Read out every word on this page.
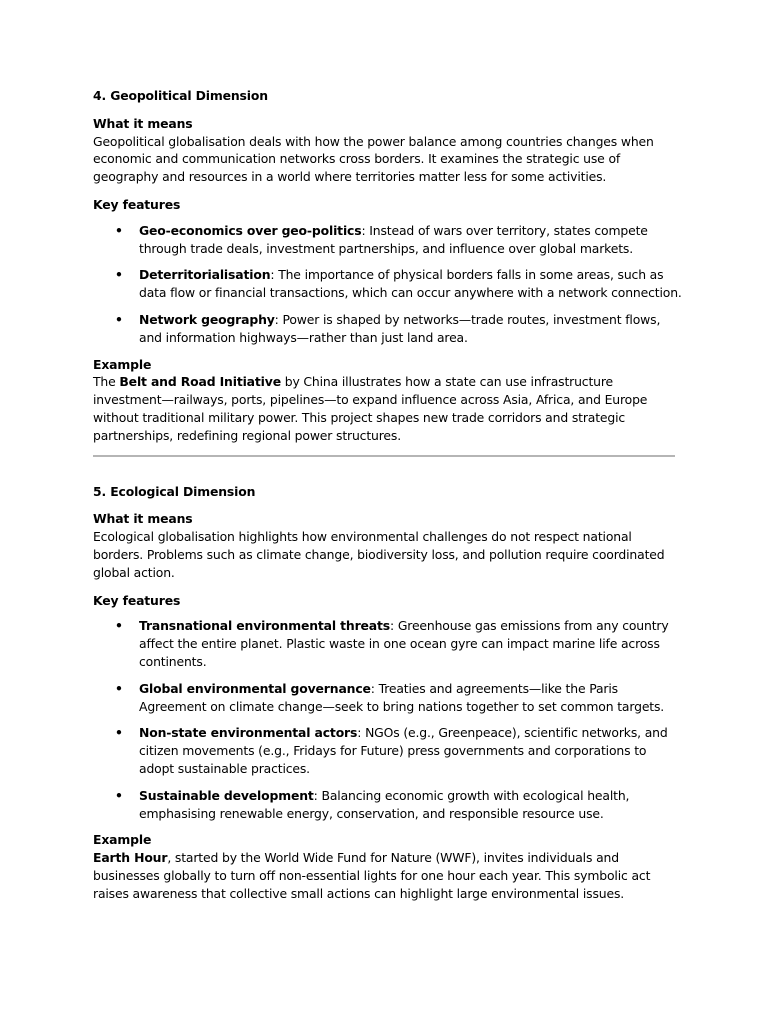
4. Geopolitical Dimension
What it means

Geopolitical globalisation deals with how the power balance among countries changes when economic and communication networks cross borders. It examines the strategic use of geography and resources in a world where territories matter less for some activities.

Key features
• Geo-economics over geo-politics: Instead of wars over territory, states compete through trade deals, investment partnerships, and influence over global markets.
• Deterritorialisation: The importance of physical borders falls in some areas, such as data flow or financial transactions, which can occur anywhere with a network connection.
• Network geography: Power is shaped by networks—trade routes, investment flows, and information highways—rather than just land area.
Example

The Belt and Road Initiative by China illustrates how a state can use infrastructure investment—railways, ports, pipelines—to expand influence across Asia, Africa, and Europe without traditional military power. This project shapes new trade corridors and strategic partnerships, redefining regional power structures.

5. Ecological Dimension
What it means

Ecological globalisation highlights how environmental challenges do not respect national borders. Problems such as climate change, biodiversity loss, and pollution require coordinated global action.

Key features
• Transnational environmental threats: Greenhouse gas emissions from any country affect the entire planet. Plastic waste in one ocean gyre can impact marine life across continents.
• Global environmental governance: Treaties and agreements—like the Paris Agreement on climate change—seek to bring nations together to set common targets.
• Non-state environmental actors: NGOs (e.g., Greenpeace), scientific networks, and citizen movements (e.g., Fridays for Future) press governments and corporations to adopt sustainable practices.
• Sustainable development: Balancing economic growth with ecological health, emphasising renewable energy, conservation, and responsible resource use.
Example

Earth Hour, started by the World Wide Fund for Nature (WWF), invites individuals and businesses globally to turn off non-essential lights for one hour each year. This symbolic act raises awareness that collective small actions can highlight large environmental issues.
